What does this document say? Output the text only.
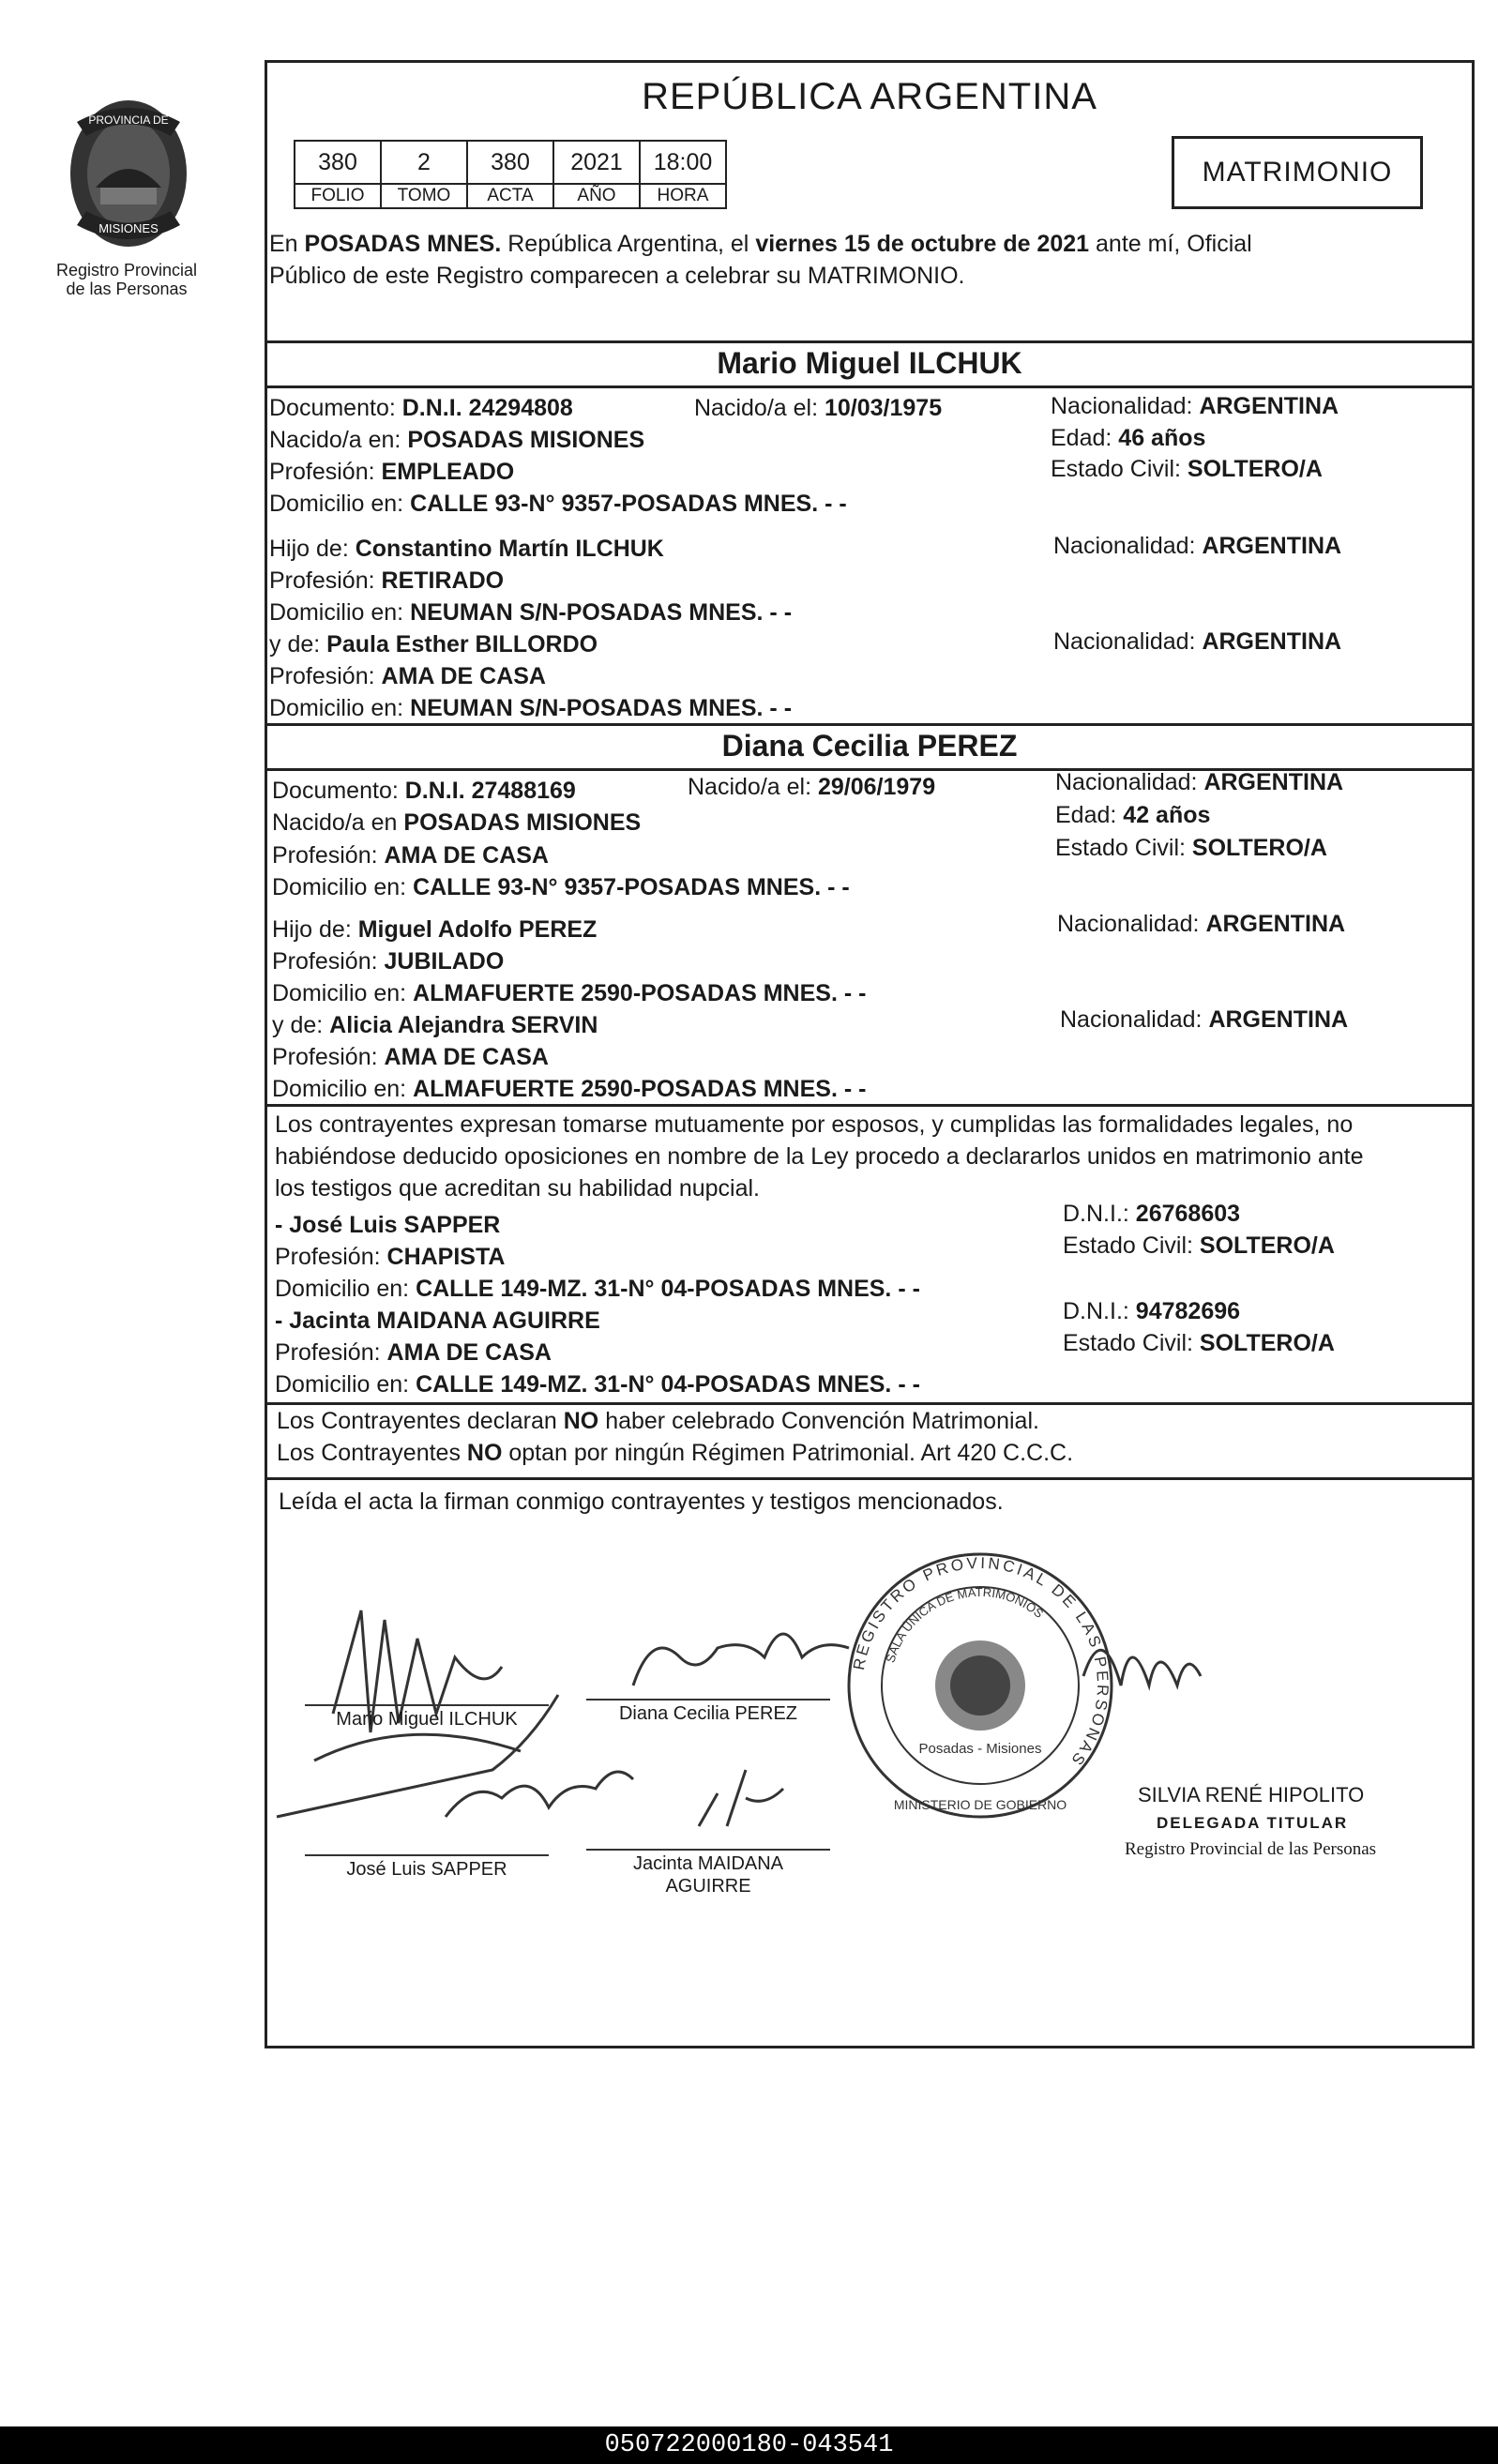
PROVINCIA DE
MISIONES
Registro Provincial
de las Personas
REPÚBLICA ARGENTINA
380	2	380	2021	18:00
FOLIO	TOMO	ACTA	AÑO	HORA
MATRIMONIO
En POSADAS MNES. República Argentina, el viernes 15 de octubre de 2021 ante mí, Oficial
Público de este Registro comparecen a celebrar su MATRIMONIO.
Mario Miguel ILCHUK
Documento: D.N.I. 24294808	Nacido/a el: 10/03/1975	Nacionalidad: ARGENTINA
Nacido/a en: POSADAS MISIONES	Edad: 46 años
Profesión: EMPLEADO	Estado Civil: SOLTERO/A
Domicilio en: CALLE 93-N° 9357-POSADAS MNES. - -
Hijo de: Constantino Martín ILCHUK	Nacionalidad: ARGENTINA
Profesión: RETIRADO
Domicilio en: NEUMAN S/N-POSADAS MNES. - -
y de: Paula Esther BILLORDO	Nacionalidad: ARGENTINA
Profesión: AMA DE CASA
Domicilio en: NEUMAN S/N-POSADAS MNES. - -
Diana Cecilia PEREZ
Documento: D.N.I. 27488169	Nacido/a el: 29/06/1979	Nacionalidad: ARGENTINA
Nacido/a en POSADAS MISIONES	Edad: 42 años
Profesión: AMA DE CASA	Estado Civil: SOLTERO/A
Domicilio en: CALLE 93-N° 9357-POSADAS MNES. - -
Hijo de: Miguel Adolfo PEREZ	Nacionalidad: ARGENTINA
Profesión: JUBILADO
Domicilio en: ALMAFUERTE 2590-POSADAS MNES. - -
y de: Alicia Alejandra SERVIN	Nacionalidad: ARGENTINA
Profesión: AMA DE CASA
Domicilio en: ALMAFUERTE 2590-POSADAS MNES. - -
Los contrayentes expresan tomarse mutuamente por esposos, y cumplidas las formalidades legales, no
habiéndose deducido oposiciones en nombre de la Ley procedo a declararlos unidos en matrimonio ante
los testigos que acreditan su habilidad nupcial.
- José Luis SAPPER	D.N.I.: 26768603
Profesión: CHAPISTA	Estado Civil: SOLTERO/A
Domicilio en: CALLE 149-MZ. 31-N° 04-POSADAS MNES. - -
- Jacinta MAIDANA AGUIRRE	D.N.I.: 94782696
Profesión: AMA DE CASA	Estado Civil: SOLTERO/A
Domicilio en: CALLE 149-MZ. 31-N° 04-POSADAS MNES. - -
Los Contrayentes declaran NO haber celebrado Convención Matrimonial.
Los Contrayentes NO optan por ningún Régimen Patrimonial. Art 420 C.C.C.
Leída el acta la firman conmigo contrayentes y testigos mencionados.
Mario Miguel ILCHUK	Diana Cecilia PEREZ
José Luis SAPPER	Jacinta MAIDANA
AGUIRRE
REGISTRO PROVINCIAL DE LAS PERSONAS
SALA ÚNICA DE MATRIMONIOS
Posadas - Misiones
MINISTERIO DE GOBIERNO	SILVIA RENÉ HIPOLITO
DELEGADA TITULAR
Registro Provincial de las Personas
050722000180-043541
